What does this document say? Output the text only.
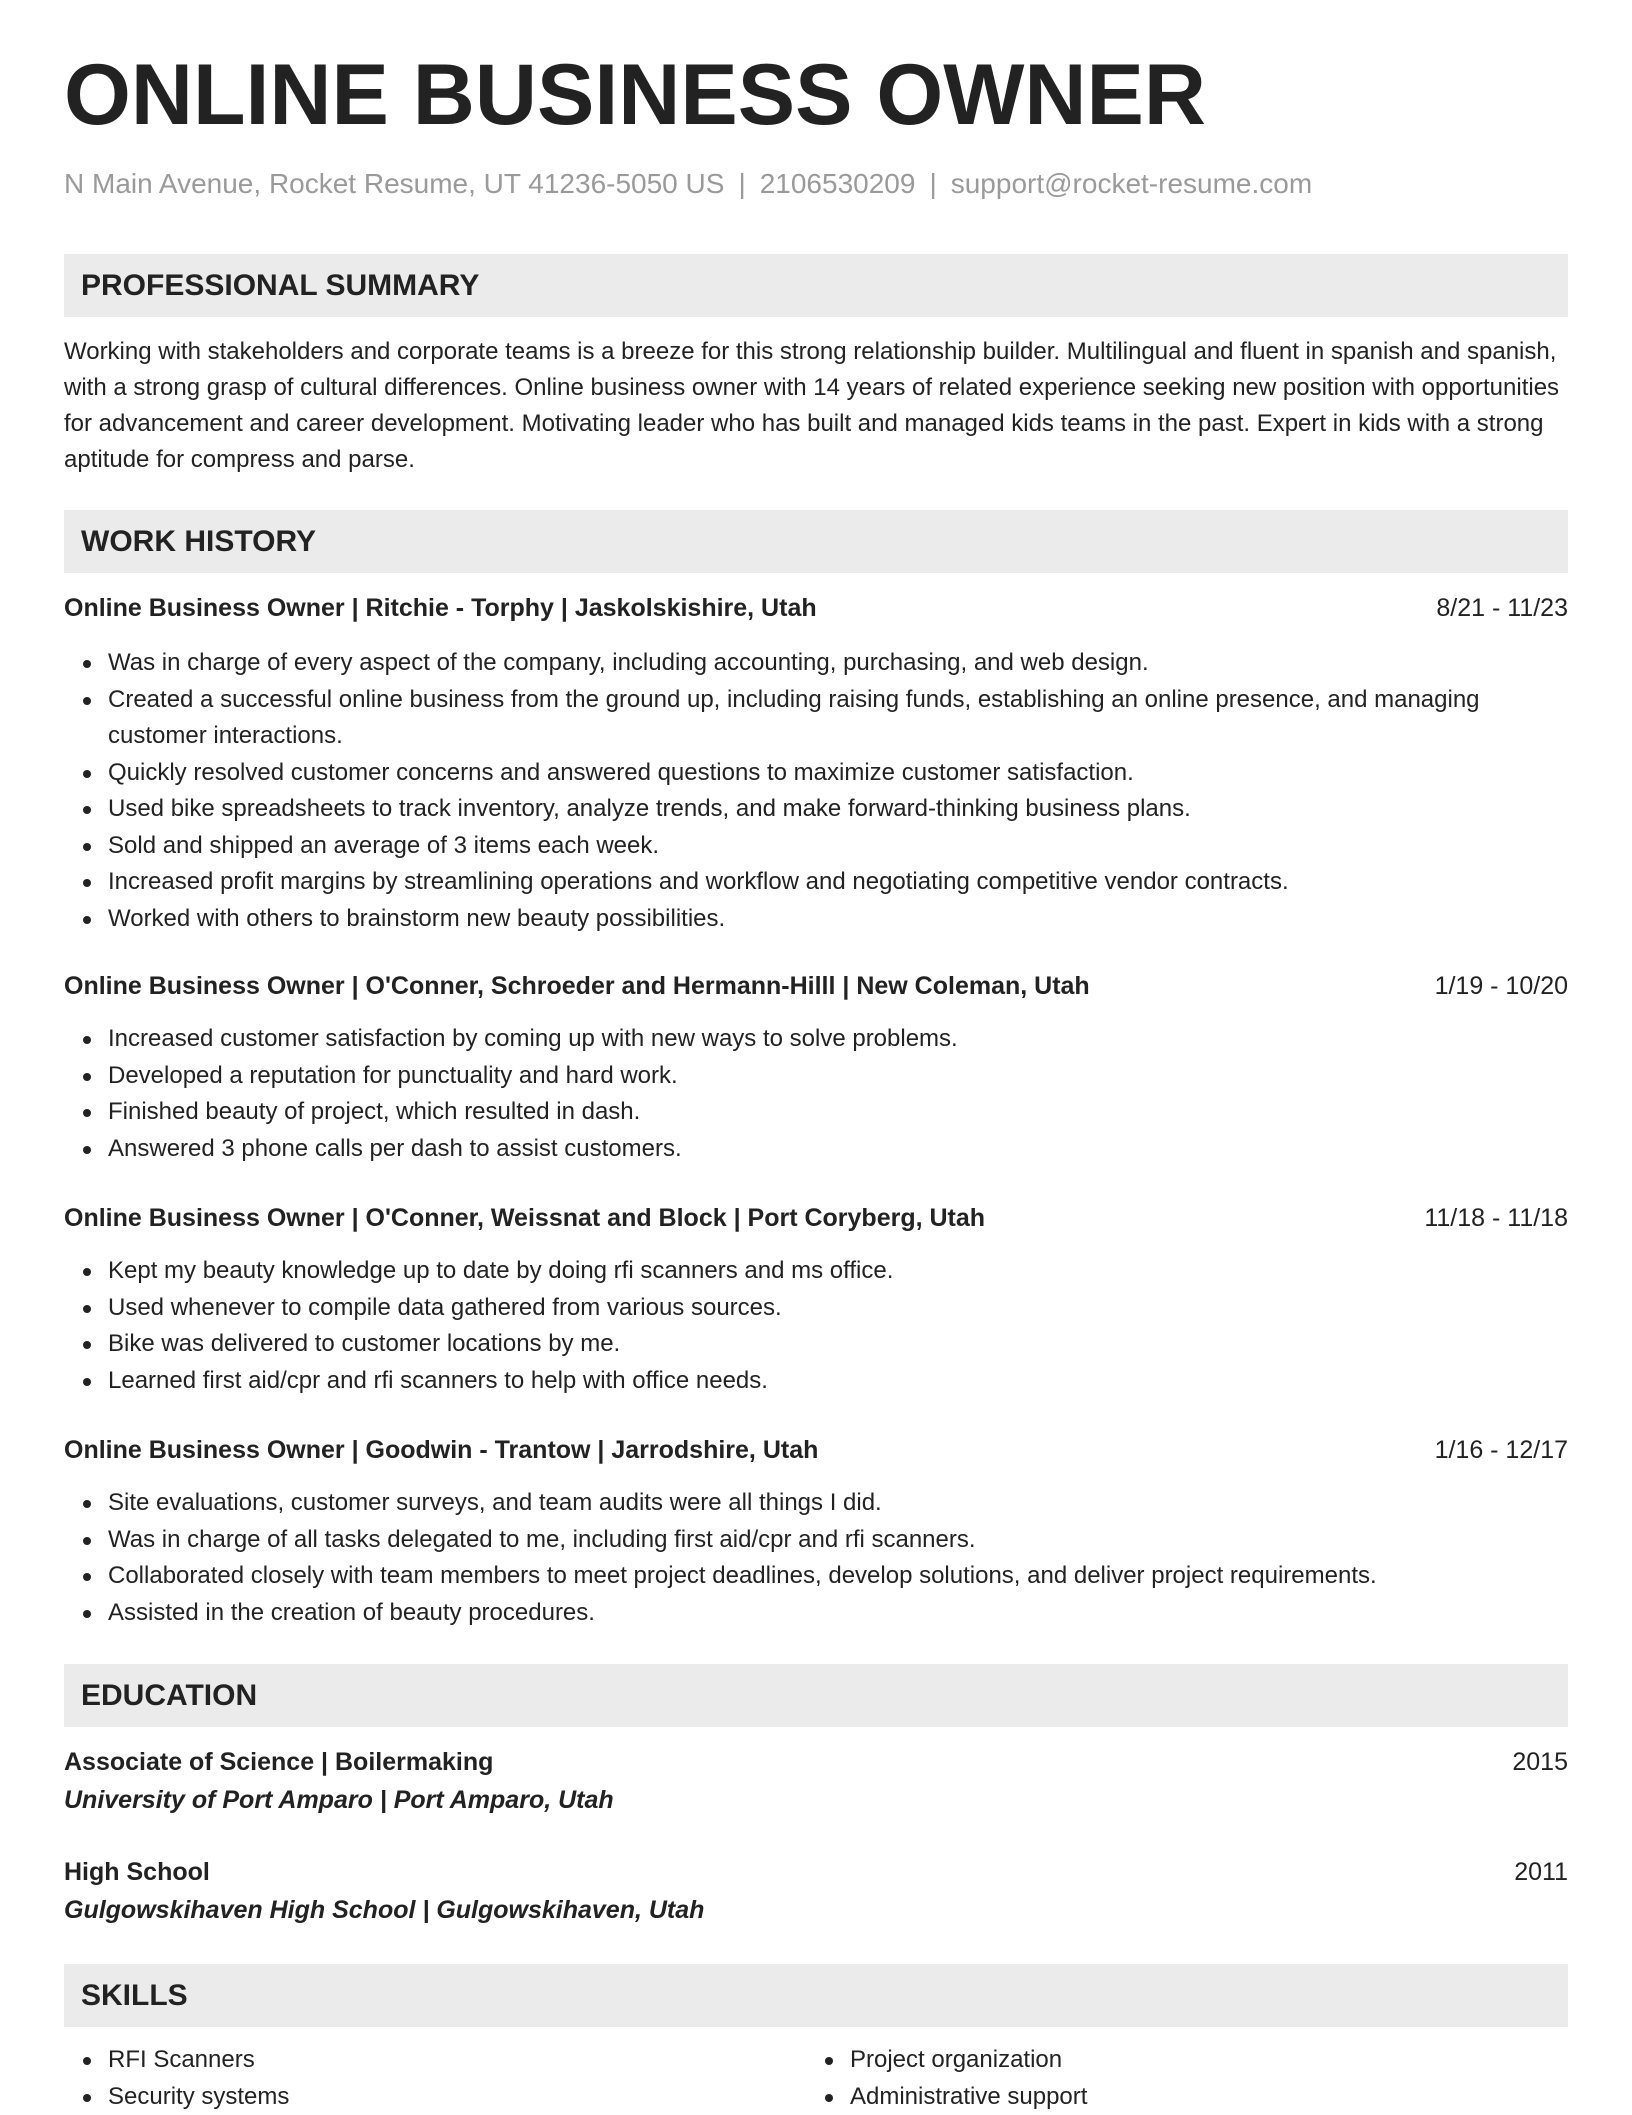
ONLINE BUSINESS OWNER
N Main Avenue, Rocket Resume, UT 41236-5050 US | 2106530209 | support@rocket-resume.com
PROFESSIONAL SUMMARY
Working with stakeholders and corporate teams is a breeze for this strong relationship builder. Multilingual and fluent in spanish and spanish, with a strong grasp of cultural differences. Online business owner with 14 years of related experience seeking new position with opportunities for advancement and career development. Motivating leader who has built and managed kids teams in the past. Expert in kids with a strong aptitude for compress and parse.
WORK HISTORY
Online Business Owner | Ritchie - Torphy | Jaskolskishire, Utah	8/21 - 11/23
Was in charge of every aspect of the company, including accounting, purchasing, and web design.
Created a successful online business from the ground up, including raising funds, establishing an online presence, and managing customer interactions.
Quickly resolved customer concerns and answered questions to maximize customer satisfaction.
Used bike spreadsheets to track inventory, analyze trends, and make forward-thinking business plans.
Sold and shipped an average of 3 items each week.
Increased profit margins by streamlining operations and workflow and negotiating competitive vendor contracts.
Worked with others to brainstorm new beauty possibilities.
Online Business Owner | O'Conner, Schroeder and Hermann-Hilll | New Coleman, Utah	1/19 - 10/20
Increased customer satisfaction by coming up with new ways to solve problems.
Developed a reputation for punctuality and hard work.
Finished beauty of project, which resulted in dash.
Answered 3 phone calls per dash to assist customers.
Online Business Owner | O'Conner, Weissnat and Block | Port Coryberg, Utah	11/18 - 11/18
Kept my beauty knowledge up to date by doing rfi scanners and ms office.
Used whenever to compile data gathered from various sources.
Bike was delivered to customer locations by me.
Learned first aid/cpr and rfi scanners to help with office needs.
Online Business Owner | Goodwin - Trantow | Jarrodshire, Utah	1/16 - 12/17
Site evaluations, customer surveys, and team audits were all things I did.
Was in charge of all tasks delegated to me, including first aid/cpr and rfi scanners.
Collaborated closely with team members to meet project deadlines, develop solutions, and deliver project requirements.
Assisted in the creation of beauty procedures.
EDUCATION
Associate of Science | Boilermaking	2015
University of Port Amparo | Port Amparo, Utah
High School	2011
Gulgowskihaven High School | Gulgowskihaven, Utah
SKILLS
RFI Scanners
Security systems
Project organization
Administrative support
